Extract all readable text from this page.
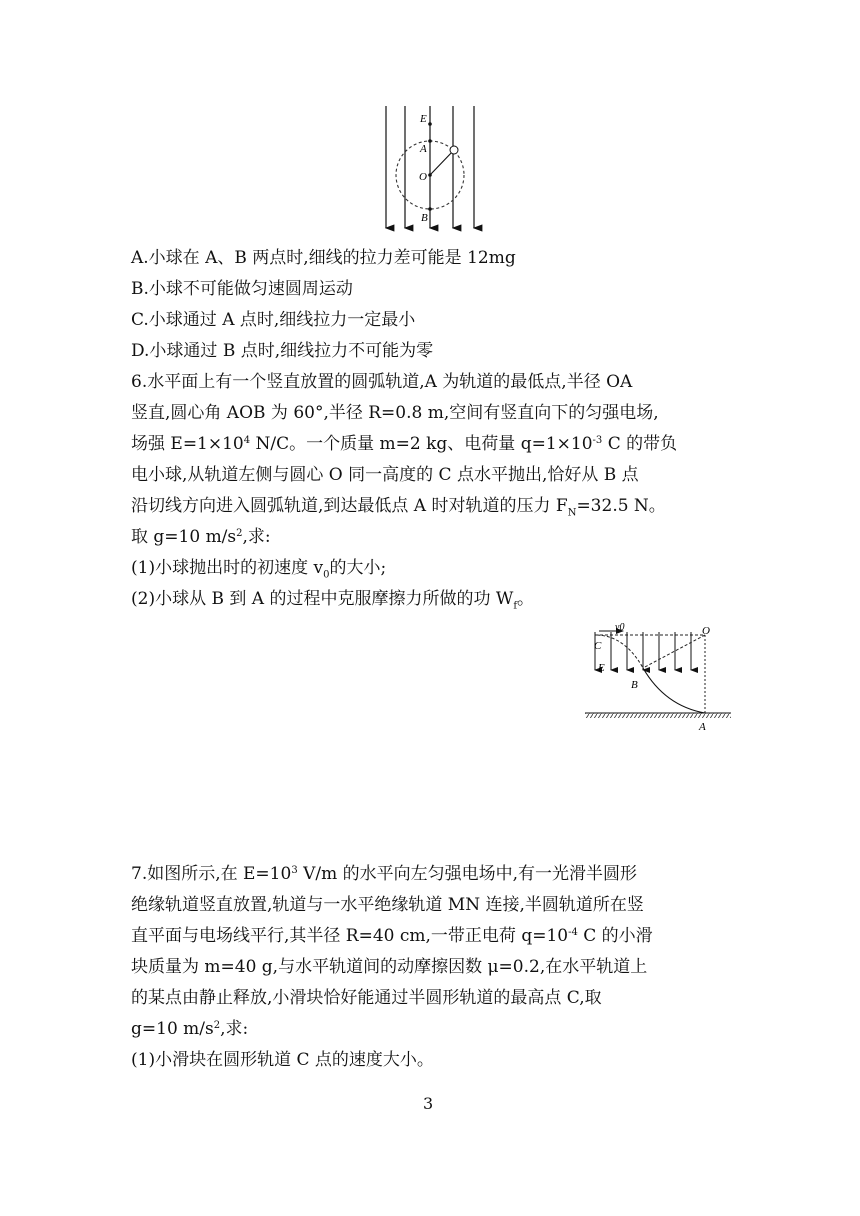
E
A
O
B
A.小球在 A、B 两点时,细线的拉力差可能是 12mg
B.小球不可能做匀速圆周运动
C.小球通过 A 点时,细线拉力一定最小
D.小球通过 B 点时,细线拉力不可能为零
6.水平面上有一个竖直放置的圆弧轨道,A 为轨道的最低点,半径 OA
竖直,圆心角 AOB 为 60°,半径 R=0.8 m,空间有竖直向下的匀强电场,
场强 $E=1\times 10^4$ N/C。一个质量 m=2 kg、电荷量 $q=1\times 10^{-3}$ C 的带负
电小球,从轨道左侧与圆心 O 同一高度的 C 点水平抛出,恰好从 B 点
沿切线方向进入圆弧轨道,到达最低点 A 时对轨道的压力 $F_N=32.5$ N。
取 g=10 $m/s^2$,求:
(1)小球抛出时的初速度 $v_0$的大小;
(2)小球从 B 到 A 的过程中克服摩擦力所做的功 $W_f$。
v0	O
C
E
B
A
7.如图所示,在 $E=10^3$ V/m 的水平向左匀强电场中,有一光滑半圆形
绝缘轨道竖直放置,轨道与一水平绝缘轨道 MN 连接,半圆轨道所在竖
直平面与电场线平行,其半径 R=40 cm,一带正电荷 $q=10^{-4}$ C 的小滑
块质量为 m=40 g,与水平轨道间的动摩擦因数 μ=0.2,在水平轨道上
的某点由静止释放,小滑块恰好能通过半圆形轨道的最高点 C,取
g=10 $m/s^2$,求:
(1)小滑块在圆形轨道 C 点的速度大小。
3
